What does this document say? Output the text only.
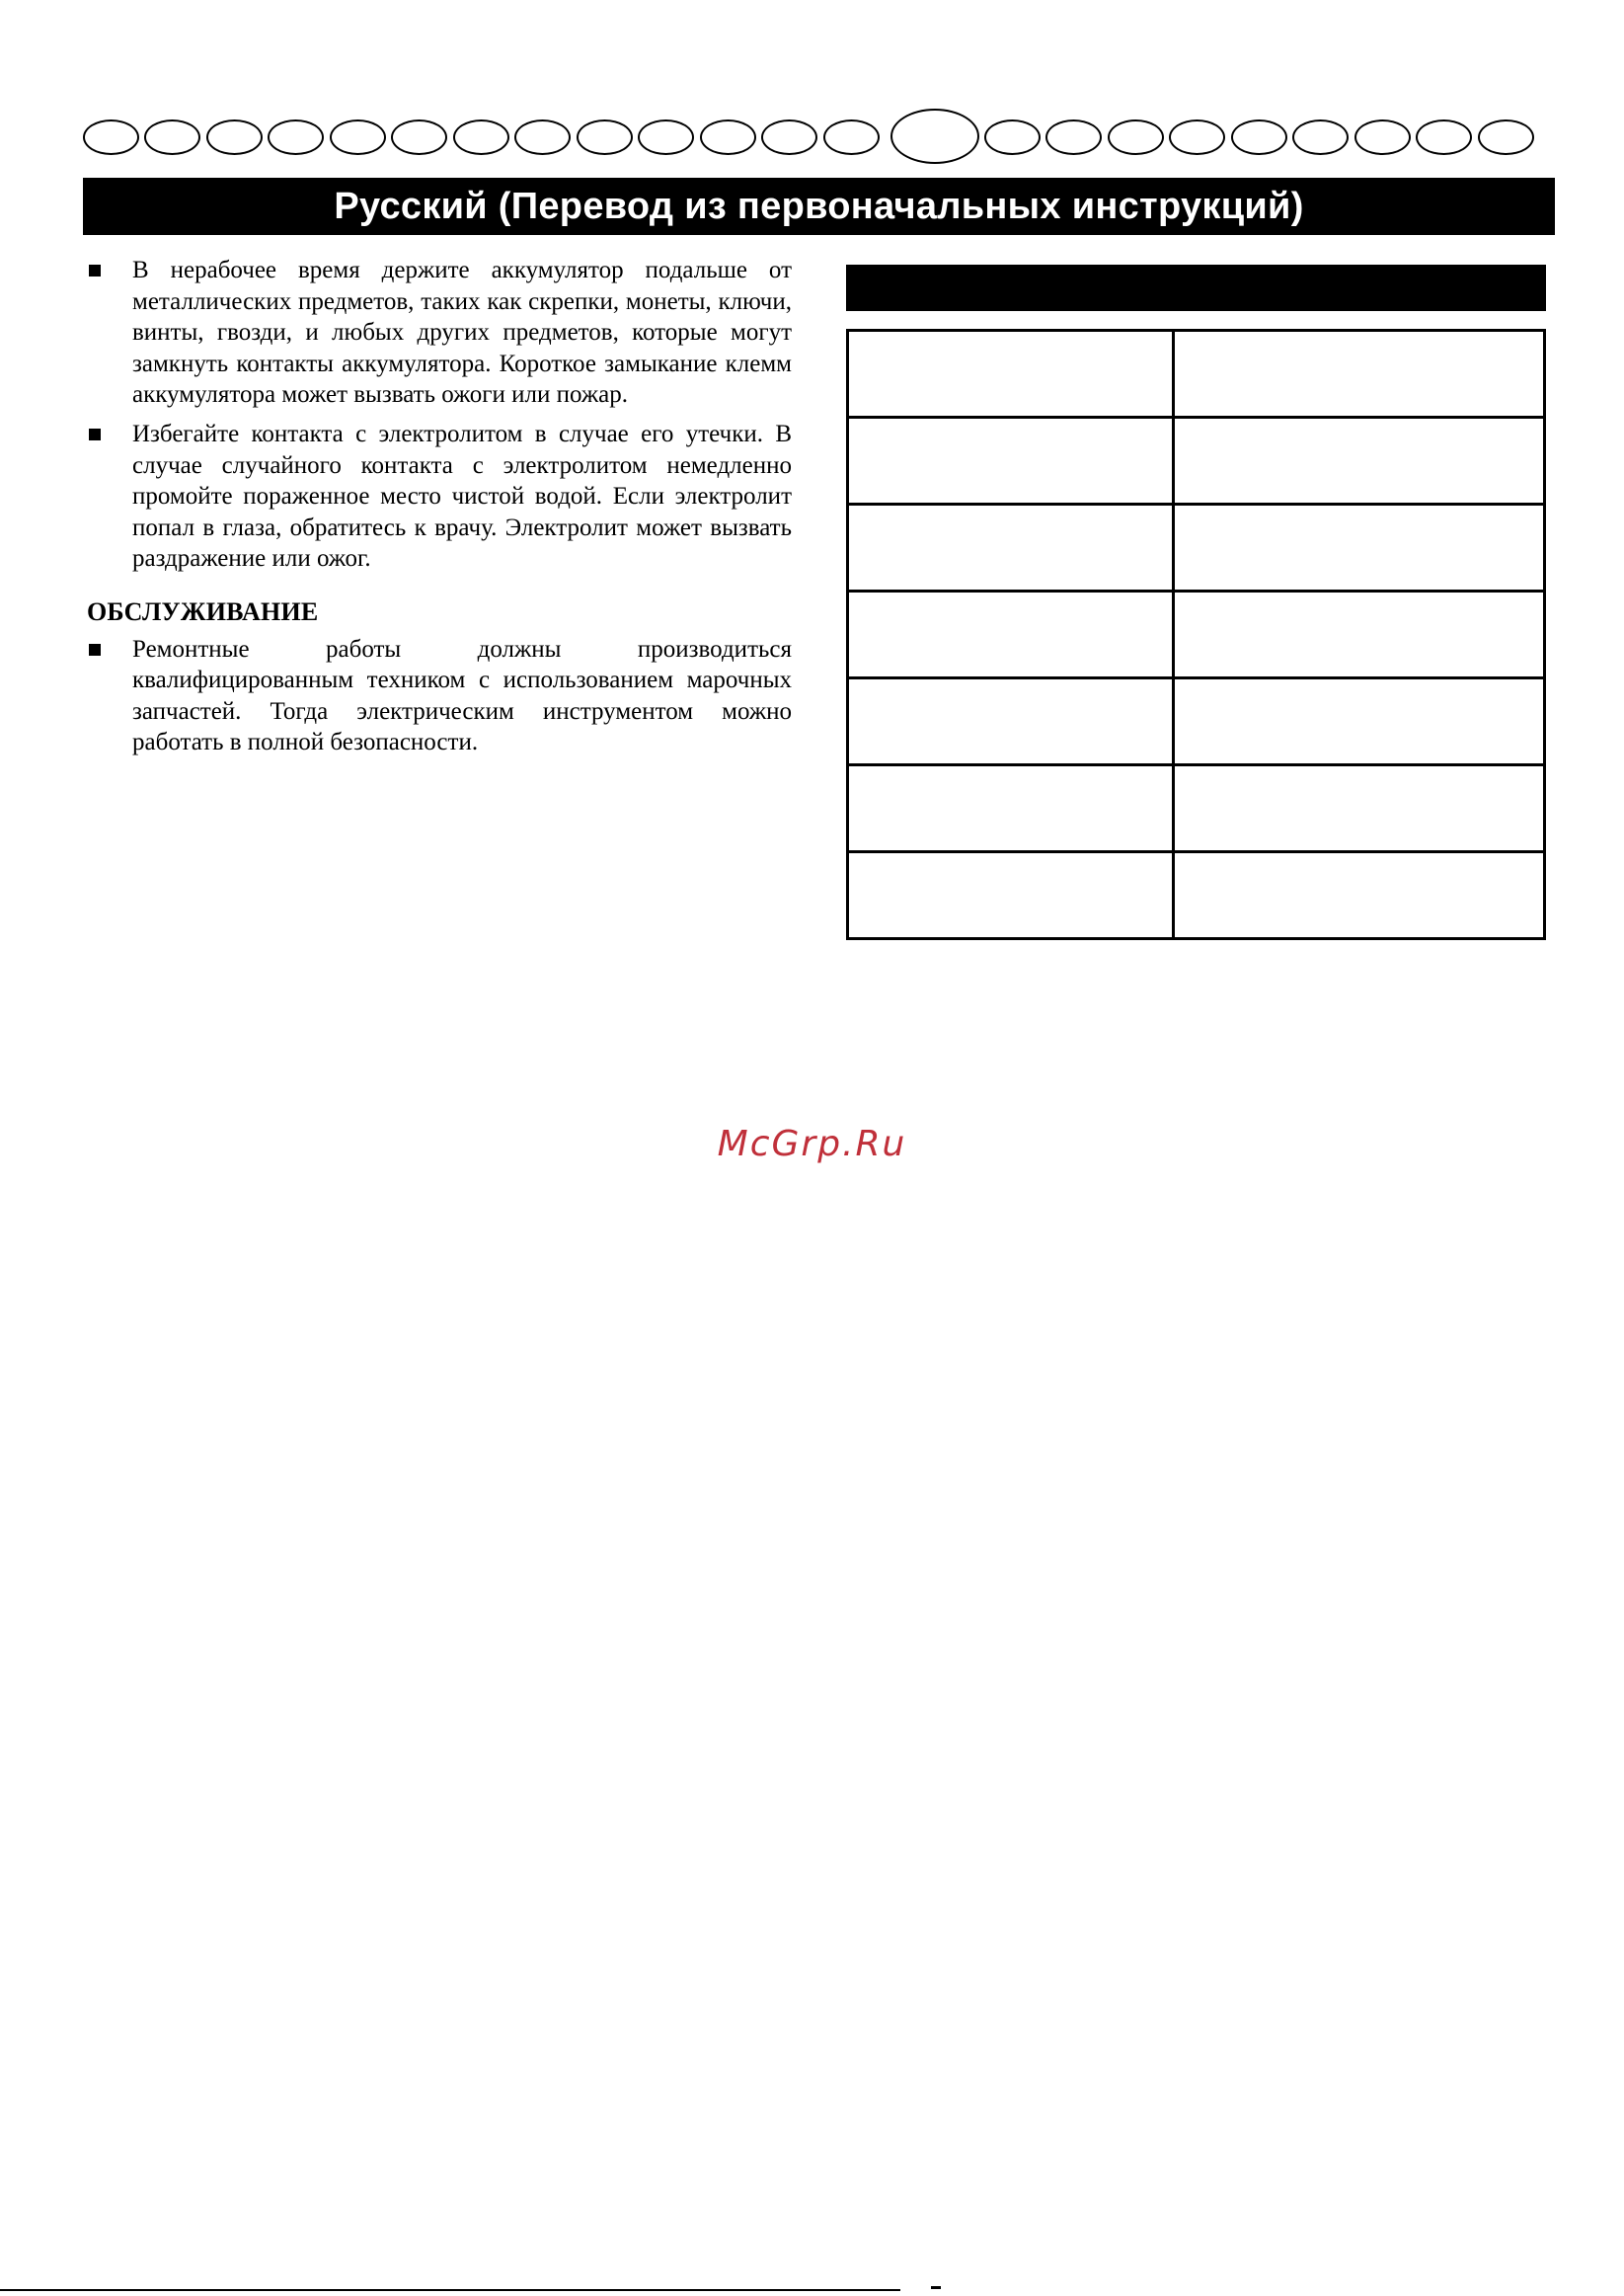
Русский (Перевод из первоначальных инструкций)
В нерабочее время держите аккумулятор подальше от металлических предметов, таких как скрепки, монеты, ключи, винты, гвозди, и любых других предметов, которые могут замкнуть контакты аккумулятора. Короткое замыкание клемм аккумулятора может вызвать ожоги или пожар.
Избегайте контакта с электролитом в случае его утечки. В случае случайного контакта с электролитом немедленно промойте пораженное место чистой водой. Если электролит попал в глаза, обратитесь к врачу. Электролит может вызвать раздражение или ожог.
ОБСЛУЖИВАНИЕ
Ремонтные работы должны производиться квалифицированным техником с использованием марочных запчастей. Тогда электрическим инструментом можно работать в полной безопасности.

McGrp.Ru
